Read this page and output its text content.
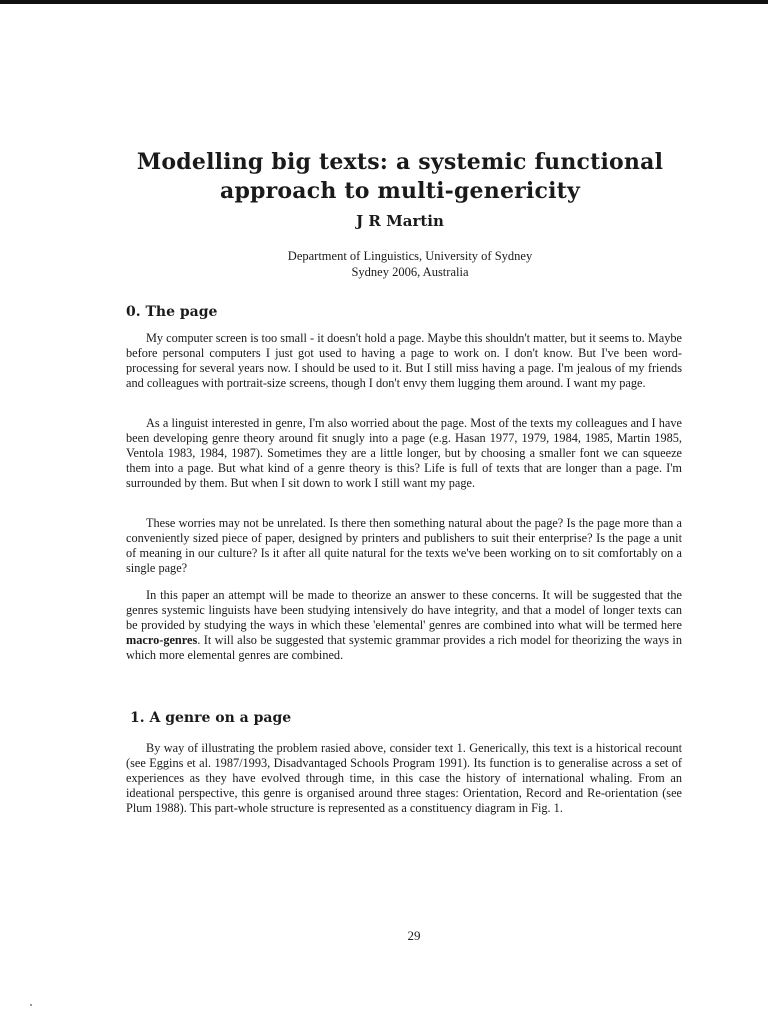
Modelling big texts: a systemic functional approach to multi-genericity
J R Martin
Department of Linguistics, University of Sydney
Sydney 2006, Australia
0. The page

My computer screen is too small - it doesn't hold a page. Maybe this shouldn't matter, but it seems to. Maybe before personal computers I just got used to having a page to work on. I don't know. But I've been word-processing for several years now. I should be used to it. But I still miss having a page. I'm jealous of my friends and colleagues with portrait-size screens, though I don't envy them lugging them around. I want my page.

As a linguist interested in genre, I'm also worried about the page. Most of the texts my colleagues and I have been developing genre theory around fit snugly into a page (e.g. Hasan 1977, 1979, 1984, 1985, Martin 1985, Ventola 1983, 1984, 1987). Sometimes they are a little longer, but by choosing a smaller font we can squeeze them into a page. But what kind of a genre theory is this? Life is full of texts that are longer than a page. I'm surrounded by them. But when I sit down to work I still want my page.

These worries may not be unrelated. Is there then something natural about the page? Is the page more than a conveniently sized piece of paper, designed by printers and publishers to suit their enterprise? Is the page a unit of meaning in our culture? Is it after all quite natural for the texts we've been working on to sit comfortably on a single page?

In this paper an attempt will be made to theorize an answer to these concerns. It will be suggested that the genres systemic linguists have been studying intensively do have integrity, and that a model of longer texts can be provided by studying the ways in which these 'elemental' genres are combined into what will be termed here macro-genres. It will also be suggested that systemic grammar provides a rich model for theorizing the ways in which more elemental genres are combined.

1. A genre on a page

By way of illustrating the problem rasied above, consider text 1. Generically, this text is a historical recount (see Eggins et al. 1987/1993, Disadvantaged Schools Program 1991). Its function is to generalise across a set of experiences as they have evolved through time, in this case the history of international whaling. From an ideational perspective, this genre is organised around three stages: Orientation, Record and Re-orientation (see Plum 1988). This part-whole structure is represented as a constituency diagram in Fig. 1.

29
